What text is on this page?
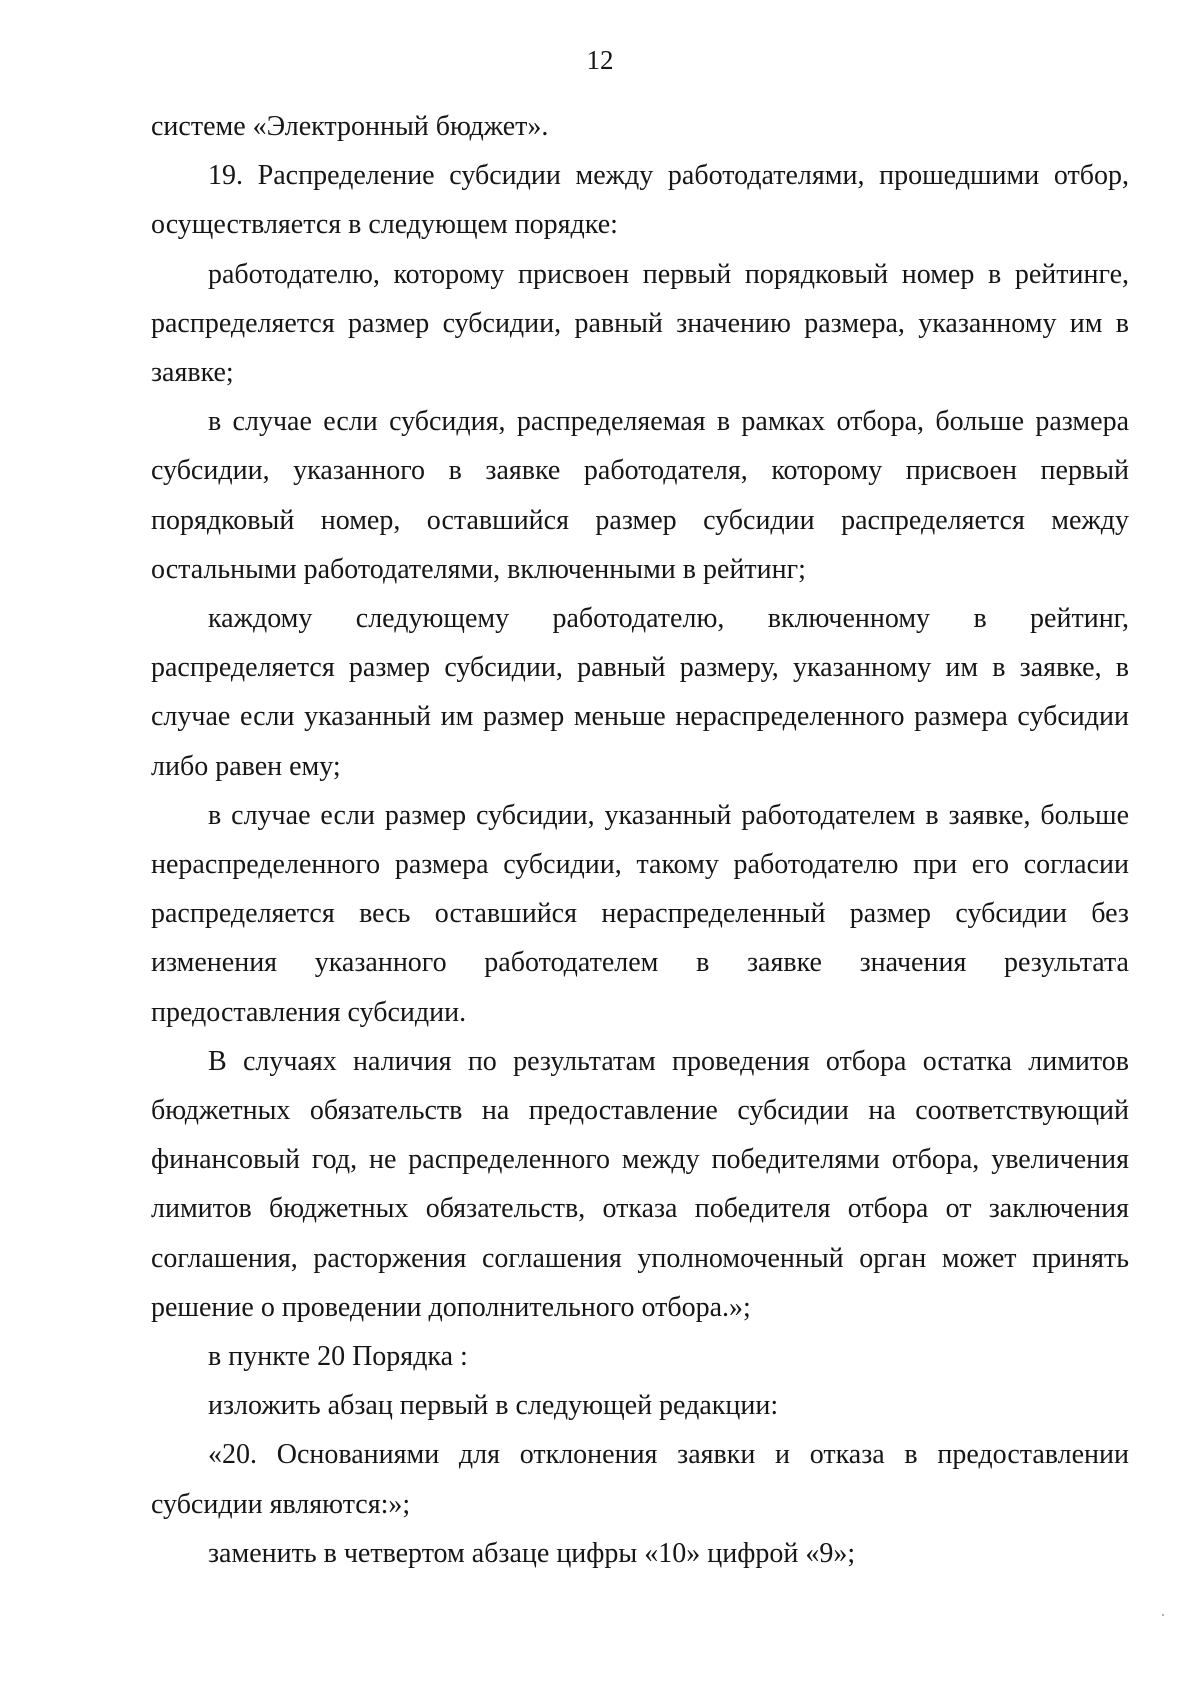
12

системе «Электронный бюджет».

19. Распределение субсидии между работодателями, прошедшими отбор, осуществляется в следующем порядке:

работодателю, которому присвоен первый порядковый номер в рейтинге, распределяется размер субсидии, равный значению размера, указанному им в заявке;

в случае если субсидия, распределяемая в рамках отбора, больше размера субсидии, указанного в заявке работодателя, которому присвоен первый порядковый номер, оставшийся размер субсидии распределяется между остальными работодателями, включенными в рейтинг;

каждому следующему работодателю, включенному в рейтинг, распределяется размер субсидии, равный размеру, указанному им в заявке, в случае если указанный им размер меньше нераспределенного размера субсидии либо равен ему;

в случае если размер субсидии, указанный работодателем в заявке, больше нераспределенного размера субсидии, такому работодателю при его согласии распределяется весь оставшийся нераспределенный размер субсидии без изменения указанного работодателем в заявке значения результата предоставления субсидии.

В случаях наличия по результатам проведения отбора остатка лимитов бюджетных обязательств на предоставление субсидии на соответствующий финансовый год, не распределенного между победителями отбора, увеличения лимитов бюджетных обязательств, отказа победителя отбора от заключения соглашения, расторжения соглашения уполномоченный орган может принять решение о проведении дополнительного отбора.»;

в пункте 20 Порядка :

изложить абзац первый в следующей редакции:

«20. Основаниями для отклонения заявки и отказа в предоставлении субсидии являются:»;

заменить в четвертом абзаце цифры «10» цифрой «9»;
